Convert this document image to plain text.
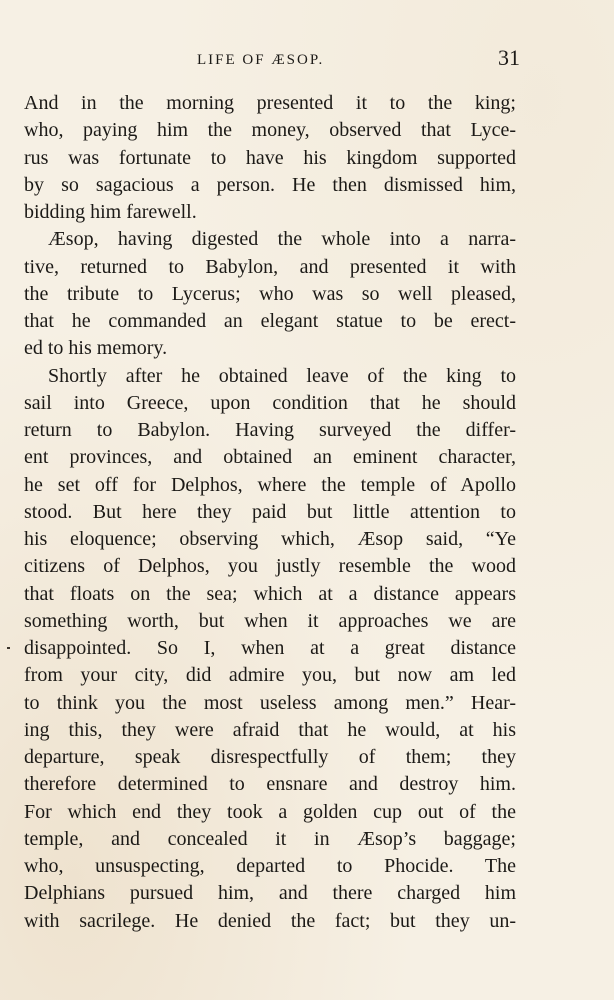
LIFE OF ÆSOP.	31
And in the morning presented it to the king;
who, paying him the money, observed that Lyce-
rus was fortunate to have his kingdom supported
by so sagacious a person. He then dismissed him,
bidding him farewell.
Æsop, having digested the whole into a narra-
tive, returned to Babylon, and presented it with
the tribute to Lycerus; who was so well pleased,
that he commanded an elegant statue to be erect-
ed to his memory.
Shortly after he obtained leave of the king to
sail into Greece, upon condition that he should
return to Babylon. Having surveyed the differ-
ent provinces, and obtained an eminent character,
he set off for Delphos, where the temple of Apollo
stood. But here they paid but little attention to
his eloquence; observing which, Æsop said, “Ye
citizens of Delphos, you justly resemble the wood
that floats on the sea; which at a distance appears
something worth, but when it approaches we are
disappointed. So I, when at a great distance
from your city, did admire you, but now am led
to think you the most useless among men.” Hear-
ing this, they were afraid that he would, at his
departure, speak disrespectfully of them; they
therefore determined to ensnare and destroy him.
For which end they took a golden cup out of the
temple, and concealed it in Æsop’s baggage;
who, unsuspecting, departed to Phocide. The
Delphians pursued him, and there charged him
with sacrilege. He denied the fact; but they un-
